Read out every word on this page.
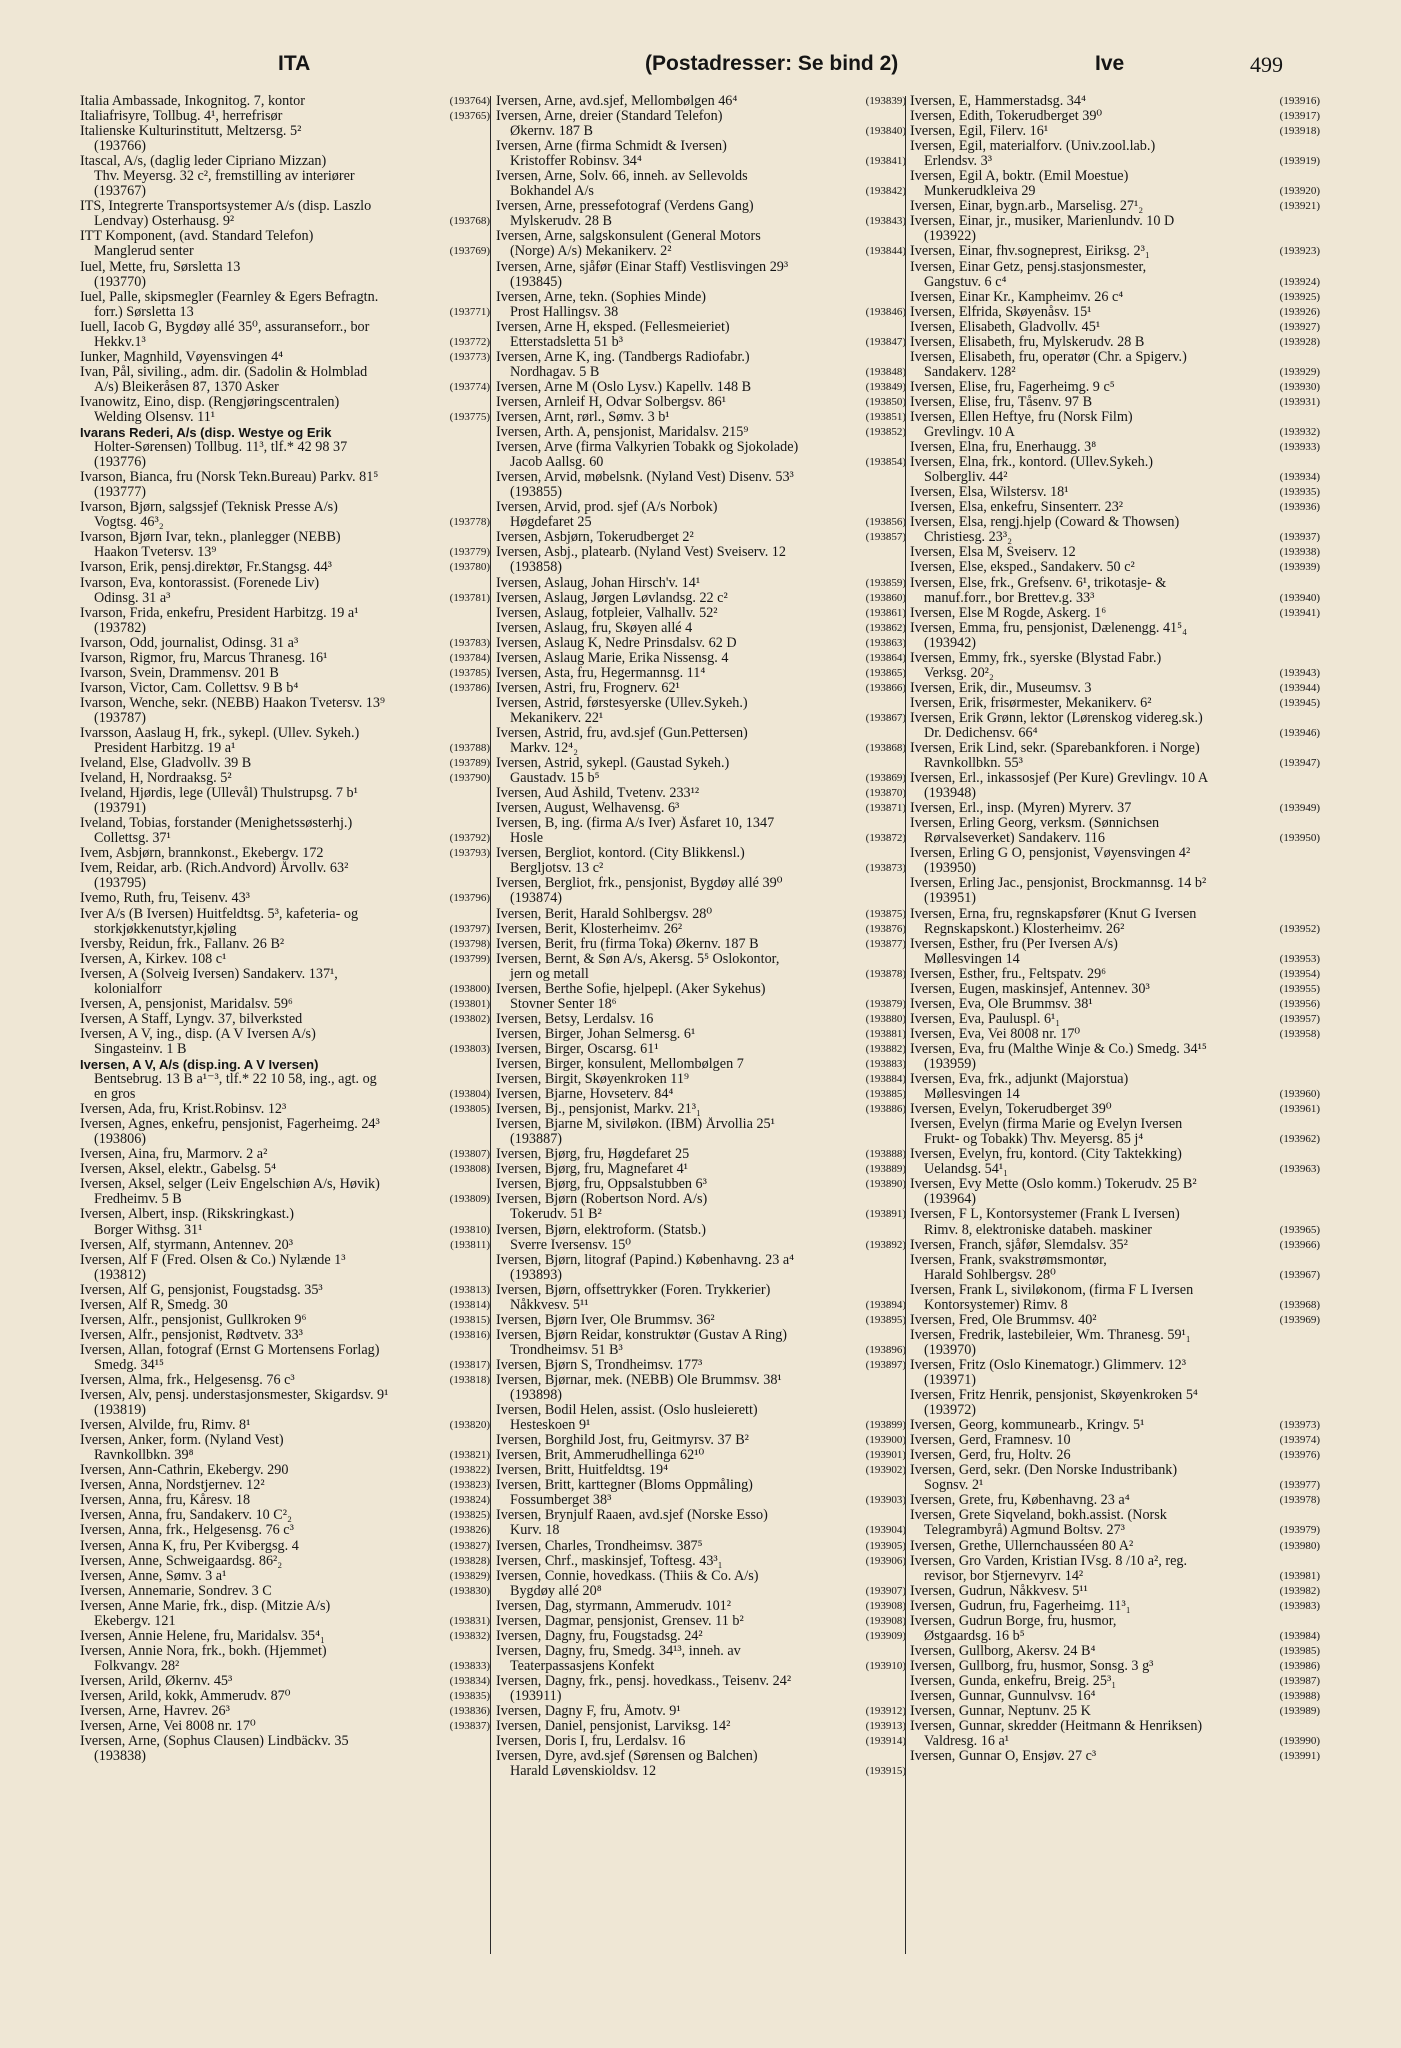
ITA	(Postadresser: Se bind 2)	Ive	499
Italia Ambassade, Inkognitog. 7, kontor	(193764)
Italiafrisyre, Tollbug. 4¹, herrefrisør	(193765)
Italienske Kulturinstitutt, Meltzersg. 5²
(193766)
Itascal, A/s, (daglig leder Cipriano Mizzan)
Thv. Meyersg. 32 c², fremstilling av interiører
(193767)
ITS, Integrerte Transportsystemer A/s (disp. Laszlo
Lendvay) Osterhausg. 9²	(193768)
ITT Komponent, (avd. Standard Telefon)
Manglerud senter	(193769)
Iuel, Mette, fru, Sørsletta 13
(193770)
Iuel, Palle, skipsmegler (Fearnley & Egers Befragtn.
forr.) Sørsletta 13	(193771)
Iuell, Iacob G, Bygdøy allé 35⁰, assuranseforr., bor
Hekkv.1³	(193772)
Iunker, Magnhild, Vøyensvingen 4⁴	(193773)
Ivan, Pål, siviling., adm. dir. (Sadolin & Holmblad
A/s) Bleikeråsen 87, 1370 Asker	(193774)
Ivanowitz, Eino, disp. (Rengjøringscentralen)
Welding Olsensv. 11¹	(193775)
Ivarans Rederi, A/s (disp. Westye og Erik
Holter-Sørensen) Tollbug. 11³, tlf.* 42 98 37
(193776)
Ivarson, Bianca, fru (Norsk Tekn.Bureau) Parkv. 81⁵
(193777)
Ivarson, Bjørn, salgssjef (Teknisk Presse A/s)
Vogtsg. 46³₂	(193778)
Ivarson, Bjørn Ivar, tekn., planlegger (NEBB)
Haakon Tvetersv. 13⁹	(193779)
Ivarson, Erik, pensj.direktør, Fr.Stangsg. 44³	(193780)
Ivarson, Eva, kontorassist. (Forenede Liv)
Odinsg. 31 a³	(193781)
Ivarson, Frida, enkefru, President Harbitzg. 19 a¹
(193782)
Ivarson, Odd, journalist, Odinsg. 31 a³	(193783)
Ivarson, Rigmor, fru, Marcus Thranesg. 16¹	(193784)
Ivarson, Svein, Drammensv. 201 B	(193785)
Ivarson, Victor, Cam. Collettsv. 9 B b⁴	(193786)
Ivarson, Wenche, sekr. (NEBB) Haakon Tvetersv. 13⁹
(193787)
Ivarsson, Aaslaug H, frk., sykepl. (Ullev. Sykeh.)
President Harbitzg. 19 a¹	(193788)
Iveland, Else, Gladvollv. 39 B	(193789)
Iveland, H, Nordraaksg. 5²	(193790)
Iveland, Hjørdis, lege (Ullevål) Thulstrupsg. 7 b¹
(193791)
Iveland, Tobias, forstander (Menighetssøsterhj.)
Collettsg. 37¹	(193792)
Ivem, Asbjørn, brannkonst., Ekebergv. 172	(193793)
Ivem, Reidar, arb. (Rich.Andvord) Årvollv. 63²
(193795)
Ivemo, Ruth, fru, Teisenv. 43³	(193796)
Iver A/s (B Iversen) Huitfeldtsg. 5³, kafeteria- og
storkjøkkenutstyr,kjøling	(193797)
Iversby, Reidun, frk., Fallanv. 26 B²	(193798)
Iversen, A, Kirkev. 108 c¹	(193799)
Iversen, A (Solveig Iversen) Sandakerv. 137¹,
kolonialforr	(193800)
Iversen, A, pensjonist, Maridalsv. 59⁶	(193801)
Iversen, A Staff, Lyngv. 37, bilverksted	(193802)
Iversen, A V, ing., disp. (A V Iversen A/s)
Singasteinv. 1 B	(193803)
Iversen, A V, A/s (disp.ing. A V Iversen)
Bentsebrug. 13 B a¹⁻³, tlf.* 22 10 58, ing., agt. og
en gros	(193804)
Iversen, Ada, fru, Krist.Robinsv. 12³	(193805)
Iversen, Agnes, enkefru, pensjonist, Fagerheimg. 24³
(193806)
Iversen, Aina, fru, Marmorv. 2 a²	(193807)
Iversen, Aksel, elektr., Gabelsg. 5⁴	(193808)
Iversen, Aksel, selger (Leiv Engelschiøn A/s, Høvik)
Fredheimv. 5 B	(193809)
Iversen, Albert, insp. (Rikskringkast.)
Borger Withsg. 31¹	(193810)
Iversen, Alf, styrmann, Antennev. 20³	(193811)
Iversen, Alf F (Fred. Olsen & Co.) Nylænde 1³
(193812)
Iversen, Alf G, pensjonist, Fougstadsg. 35³	(193813)
Iversen, Alf R, Smedg. 30	(193814)
Iversen, Alfr., pensjonist, Gullkroken 9⁶	(193815)
Iversen, Alfr., pensjonist, Rødtvetv. 33³	(193816)
Iversen, Allan, fotograf (Ernst G Mortensens Forlag)
Smedg. 34¹⁵	(193817)
Iversen, Alma, frk., Helgesensg. 76 c³	(193818)
Iversen, Alv, pensj. understasjonsmester, Skigardsv. 9¹
(193819)
Iversen, Alvilde, fru, Rimv. 8¹	(193820)
Iversen, Anker, form. (Nyland Vest)
Ravnkollbkn. 39⁸	(193821)
Iversen, Ann-Cathrin, Ekebergv. 290	(193822)
Iversen, Anna, Nordstjernev. 12²	(193823)
Iversen, Anna, fru, Kåresv. 18	(193824)
Iversen, Anna, fru, Sandakerv. 10 C²₂	(193825)
Iversen, Anna, frk., Helgesensg. 76 c³	(193826)
Iversen, Anna K, fru, Per Kvibergsg. 4	(193827)
Iversen, Anne, Schweigaardsg. 86²₂	(193828)
Iversen, Anne, Sømv. 3 a¹	(193829)
Iversen, Annemarie, Sondrev. 3 C	(193830)
Iversen, Anne Marie, frk., disp. (Mitzie A/s)
Ekebergv. 121	(193831)
Iversen, Annie Helene, fru, Maridalsv. 35⁴₁	(193832)
Iversen, Annie Nora, frk., bokh. (Hjemmet)
Folkvangv. 28²	(193833)
Iversen, Arild, Økernv. 45³	(193834)
Iversen, Arild, kokk, Ammerudv. 87⁰	(193835)
Iversen, Arne, Havrev. 26³	(193836)
Iversen, Arne, Vei 8008 nr. 17⁰	(193837)
Iversen, Arne, (Sophus Clausen) Lindbäckv. 35
(193838)
Iversen, Arne, avd.sjef, Mellombølgen 46⁴	(193839)
Iversen, Arne, dreier (Standard Telefon)
Økernv. 187 B	(193840)
Iversen, Arne (firma Schmidt & Iversen)
Kristoffer Robinsv. 34⁴	(193841)
Iversen, Arne, Solv. 66, inneh. av Sellevolds
Bokhandel A/s	(193842)
Iversen, Arne, pressefotograf (Verdens Gang)
Mylskerudv. 28 B	(193843)
Iversen, Arne, salgskonsulent (General Motors
(Norge) A/s) Mekanikerv. 2²	(193844)
Iversen, Arne, sjåfør (Einar Staff) Vestlisvingen 29³
(193845)
Iversen, Arne, tekn. (Sophies Minde)
Prost Hallingsv. 38	(193846)
Iversen, Arne H, eksped. (Fellesmeieriet)
Etterstadsletta 51 b³	(193847)
Iversen, Arne K, ing. (Tandbergs Radiofabr.)
Nordhagav. 5 B	(193848)
Iversen, Arne M (Oslo Lysv.) Kapellv. 148 B	(193849)
Iversen, Arnleif H, Odvar Solbergsv. 86¹	(193850)
Iversen, Arnt, rørl., Sømv. 3 b¹	(193851)
Iversen, Arth. A, pensjonist, Maridalsv. 215⁹	(193852)
Iversen, Arve (firma Valkyrien Tobakk og Sjokolade)
Jacob Aallsg. 60	(193854)
Iversen, Arvid, møbelsnk. (Nyland Vest) Disenv. 53³
(193855)
Iversen, Arvid, prod. sjef (A/s Norbok)
Høgdefaret 25	(193856)
Iversen, Asbjørn, Tokerudberget 2²	(193857)
Iversen, Asbj., platearb. (Nyland Vest) Sveiserv. 12
(193858)
Iversen, Aslaug, Johan Hirsch'v. 14¹	(193859)
Iversen, Aslaug, Jørgen Løvlandsg. 22 c²	(193860)
Iversen, Aslaug, fotpleier, Valhallv. 52²	(193861)
Iversen, Aslaug, fru, Skøyen allé 4	(193862)
Iversen, Aslaug K, Nedre Prinsdalsv. 62 D	(193863)
Iversen, Aslaug Marie, Erika Nissensg. 4	(193864)
Iversen, Asta, fru, Hegermannsg. 11⁴	(193865)
Iversen, Astri, fru, Frognerv. 62¹	(193866)
Iversen, Astrid, førstesyerske (Ullev.Sykeh.)
Mekanikerv. 22¹	(193867)
Iversen, Astrid, fru, avd.sjef (Gun.Pettersen)
Markv. 12⁴₂	(193868)
Iversen, Astrid, sykepl. (Gaustad Sykeh.)
Gaustadv. 15 b⁵	(193869)
Iversen, Aud Åshild, Tvetenv. 233¹²	(193870)
Iversen, August, Welhavensg. 6³	(193871)
Iversen, B, ing. (firma A/s Iver) Åsfaret 10, 1347
Hosle	(193872)
Iversen, Bergliot, kontord. (City Blikkensl.)
Bergljotsv. 13 c²	(193873)
Iversen, Bergliot, frk., pensjonist, Bygdøy allé 39⁰
(193874)
Iversen, Berit, Harald Sohlbergsv. 28⁰	(193875)
Iversen, Berit, Klosterheimv. 26²	(193876)
Iversen, Berit, fru (firma Toka) Økernv. 187 B	(193877)
Iversen, Bernt, & Søn A/s, Akersg. 5⁵ Oslokontor,
jern og metall	(193878)
Iversen, Berthe Sofie, hjelpepl. (Aker Sykehus)
Stovner Senter 18⁶	(193879)
Iversen, Betsy, Lerdalsv. 16	(193880)
Iversen, Birger, Johan Selmersg. 6¹	(193881)
Iversen, Birger, Oscarsg. 61¹	(193882)
Iversen, Birger, konsulent, Mellombølgen 7	(193883)
Iversen, Birgit, Skøyenkroken 11⁹	(193884)
Iversen, Bjarne, Hovseterv. 84⁴	(193885)
Iversen, Bj., pensjonist, Markv. 21³₁	(193886)
Iversen, Bjarne M, siviløkon. (IBM) Årvollia 25¹
(193887)
Iversen, Bjørg, fru, Høgdefaret 25	(193888)
Iversen, Bjørg, fru, Magnefaret 4¹	(193889)
Iversen, Bjørg, fru, Oppsalstubben 6³	(193890)
Iversen, Bjørn (Robertson Nord. A/s)
Tokerudv. 51 B²	(193891)
Iversen, Bjørn, elektroform. (Statsb.)
Sverre Iversensv. 15⁰	(193892)
Iversen, Bjørn, litograf (Papind.) Københavng. 23 a⁴
(193893)
Iversen, Bjørn, offsettrykker (Foren. Trykkerier)
Nåkkvesv. 5¹¹	(193894)
Iversen, Bjørn Iver, Ole Brummsv. 36²	(193895)
Iversen, Bjørn Reidar, konstruktør (Gustav A Ring)
Trondheimsv. 51 B³	(193896)
Iversen, Bjørn S, Trondheimsv. 177³	(193897)
Iversen, Bjørnar, mek. (NEBB) Ole Brummsv. 38¹
(193898)
Iversen, Bodil Helen, assist. (Oslo husleierett)
Hesteskoen 9¹	(193899)
Iversen, Borghild Jost, fru, Geitmyrsv. 37 B²	(193900)
Iversen, Brit, Ammerudhellinga 62¹⁰	(193901)
Iversen, Britt, Huitfeldtsg. 19⁴	(193902)
Iversen, Britt, karttegner (Bloms Oppmåling)
Fossumberget 38³	(193903)
Iversen, Brynjulf Raaen, avd.sjef (Norske Esso)
Kurv. 18	(193904)
Iversen, Charles, Trondheimsv. 387⁵	(193905)
Iversen, Chrf., maskinsjef, Toftesg. 43³₁	(193906)
Iversen, Connie, hovedkass. (Thiis & Co. A/s)
Bygdøy allé 20⁸	(193907)
Iversen, Dag, styrmann, Ammerudv. 101²	(193908)
Iversen, Dagmar, pensjonist, Grensev. 11 b²	(193908)
Iversen, Dagny, fru, Fougstadsg. 24²	(193909)
Iversen, Dagny, fru, Smedg. 34¹³, inneh. av
Teaterpassasjens Konfekt	(193910)
Iversen, Dagny, frk., pensj. hovedkass., Teisenv. 24²
(193911)
Iversen, Dagny F, fru, Åmotv. 9¹	(193912)
Iversen, Daniel, pensjonist, Larviksg. 14²	(193913)
Iversen, Doris I, fru, Lerdalsv. 16	(193914)
Iversen, Dyre, avd.sjef (Sørensen og Balchen)
Harald Løvenskioldsv. 12	(193915)
Iversen, E, Hammerstadsg. 34⁴	(193916)
Iversen, Edith, Tokerudberget 39⁰	(193917)
Iversen, Egil, Filerv. 16¹	(193918)
Iversen, Egil, materialforv. (Univ.zool.lab.)
Erlendsv. 3³	(193919)
Iversen, Egil A, boktr. (Emil Moestue)
Munkerudkleiva 29	(193920)
Iversen, Einar, bygn.arb., Marselisg. 27¹₂	(193921)
Iversen, Einar, jr., musiker, Marienlundv. 10 D
(193922)
Iversen, Einar, fhv.sogneprest, Eiriksg. 2³₁	(193923)
Iversen, Einar Getz, pensj.stasjonsmester,
Gangstuv. 6 c⁴	(193924)
Iversen, Einar Kr., Kampheimv. 26 c⁴	(193925)
Iversen, Elfrida, Skøyenåsv. 15¹	(193926)
Iversen, Elisabeth, Gladvollv. 45¹	(193927)
Iversen, Elisabeth, fru, Mylskerudv. 28 B	(193928)
Iversen, Elisabeth, fru, operatør (Chr. a Spigerv.)
Sandakerv. 128²	(193929)
Iversen, Elise, fru, Fagerheimg. 9 c⁵	(193930)
Iversen, Elise, fru, Tåsenv. 97 B	(193931)
Iversen, Ellen Heftye, fru (Norsk Film)
Grevlingv. 10 A	(193932)
Iversen, Elna, fru, Enerhaugg. 3⁸	(193933)
Iversen, Elna, frk., kontord. (Ullev.Sykeh.)
Solbergliv. 44²	(193934)
Iversen, Elsa, Wilstersv. 18¹	(193935)
Iversen, Elsa, enkefru, Sinsenterr. 23²	(193936)
Iversen, Elsa, rengj.hjelp (Coward & Thowsen)
Christiesg. 23³₂	(193937)
Iversen, Elsa M, Sveiserv. 12	(193938)
Iversen, Else, eksped., Sandakerv. 50 c²	(193939)
Iversen, Else, frk., Grefsenv. 6¹, trikotasje- &
manuf.forr., bor Brettev.g. 33³	(193940)
Iversen, Else M Rogde, Askerg. 1⁶	(193941)
Iversen, Emma, fru, pensjonist, Dælenengg. 41⁵₄
(193942)
Iversen, Emmy, frk., syerske (Blystad Fabr.)
Verksg. 20²₂	(193943)
Iversen, Erik, dir., Museumsv. 3	(193944)
Iversen, Erik, frisørmester, Mekanikerv. 6²	(193945)
Iversen, Erik Grønn, lektor (Lørenskog videreg.sk.)
Dr. Dedichensv. 66⁴	(193946)
Iversen, Erik Lind, sekr. (Sparebankforen. i Norge)
Ravnkollbkn. 55³	(193947)
Iversen, Erl., inkassosjef (Per Kure) Grevlingv. 10 A
(193948)
Iversen, Erl., insp. (Myren) Myrerv. 37	(193949)
Iversen, Erling Georg, verksm. (Sønnichsen
Rørvalseverket) Sandakerv. 116	(193950)
Iversen, Erling G O, pensjonist, Vøyensvingen 4²
(193950)
Iversen, Erling Jac., pensjonist, Brockmannsg. 14 b²
(193951)
Iversen, Erna, fru, regnskapsfører (Knut G Iversen
Regnskapskont.) Klosterheimv. 26²	(193952)
Iversen, Esther, fru (Per Iversen A/s)
Møllesvingen 14	(193953)
Iversen, Esther, fru., Feltspatv. 29⁶	(193954)
Iversen, Eugen, maskinsjef, Antennev. 30³	(193955)
Iversen, Eva, Ole Brummsv. 38¹	(193956)
Iversen, Eva, Pauluspl. 6¹₁	(193957)
Iversen, Eva, Vei 8008 nr. 17⁰	(193958)
Iversen, Eva, fru (Malthe Winje & Co.) Smedg. 34¹⁵
(193959)
Iversen, Eva, frk., adjunkt (Majorstua)
Møllesvingen 14	(193960)
Iversen, Evelyn, Tokerudberget 39⁰	(193961)
Iversen, Evelyn (firma Marie og Evelyn Iversen
Frukt- og Tobakk) Thv. Meyersg. 85 j⁴	(193962)
Iversen, Evelyn, fru, kontord. (City Taktekking)
Uelandsg. 54¹₁	(193963)
Iversen, Evy Mette (Oslo komm.) Tokerudv. 25 B²
(193964)
Iversen, F L, Kontorsystemer (Frank L Iversen)
Rimv. 8, elektroniske databeh. maskiner	(193965)
Iversen, Franch, sjåfør, Slemdalsv. 35²	(193966)
Iversen, Frank, svakstrømsmontør,
Harald Sohlbergsv. 28⁰	(193967)
Iversen, Frank L, siviløkonom, (firma F L Iversen
Kontorsystemer) Rimv. 8	(193968)
Iversen, Fred, Ole Brummsv. 40²	(193969)
Iversen, Fredrik, lastebileier, Wm. Thranesg. 59¹₁
(193970)
Iversen, Fritz (Oslo Kinematogr.) Glimmerv. 12³
(193971)
Iversen, Fritz Henrik, pensjonist, Skøyenkroken 5⁴
(193972)
Iversen, Georg, kommunearb., Kringv. 5¹	(193973)
Iversen, Gerd, Framnesv. 10	(193974)
Iversen, Gerd, fru, Holtv. 26	(193976)
Iversen, Gerd, sekr. (Den Norske Industribank)
Sognsv. 2¹	(193977)
Iversen, Grete, fru, Københavng. 23 a⁴	(193978)
Iversen, Grete Siqveland, bokh.assist. (Norsk
Telegrambyrå) Agmund Boltsv. 27³	(193979)
Iversen, Grethe, Ullernchausséen 80 A²	(193980)
Iversen, Gro Varden, Kristian IVsg. 8 /10 a², reg.
revisor, bor Stjernevyrv. 14²	(193981)
Iversen, Gudrun, Nåkkvesv. 5¹¹	(193982)
Iversen, Gudrun, fru, Fagerheimg. 11³₁	(193983)
Iversen, Gudrun Borge, fru, husmor,
Østgaardsg. 16 b⁵	(193984)
Iversen, Gullborg, Akersv. 24 B⁴	(193985)
Iversen, Gullborg, fru, husmor, Sonsg. 3 g³	(193986)
Iversen, Gunda, enkefru, Breig. 25³₁	(193987)
Iversen, Gunnar, Gunnulvsv. 16⁴	(193988)
Iversen, Gunnar, Neptunv. 25 K	(193989)
Iversen, Gunnar, skredder (Heitmann & Henriksen)
Valdresg. 16 a¹	(193990)
Iversen, Gunnar O, Ensjøv. 27 c³	(193991)
